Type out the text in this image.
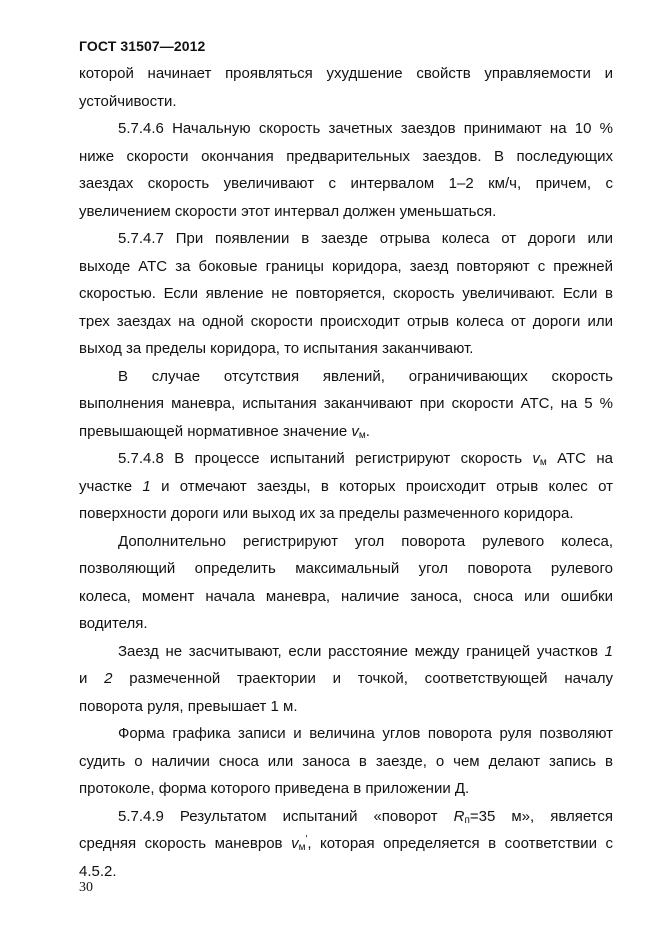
ГОСТ 31507—2012
которой начинает проявляться ухудшение свойств управляемости и
устойчивости.
5.7.4.6 Начальную скорость зачетных заездов принимают на 10 %
ниже скорости окончания предварительных заездов. В последующих
заездах скорость увеличивают с интервалом 1–2 км/ч, причем, с
увеличением скорости этот интервал должен уменьшаться.
5.7.4.7 При появлении в заезде отрыва колеса от дороги или
выходе АТС за боковые границы коридора, заезд повторяют с прежней
скоростью. Если явление не повторяется, скорость увеличивают. Если в
трех заездах на одной скорости происходит отрыв колеса от дороги или
выход за пределы коридора, то испытания заканчивают.
В случае отсутствия явлений, ограничивающих скорость
выполнения маневра, испытания заканчивают при скорости АТС, на 5 %
превышающей нормативное значение $v_м$.
5.7.4.8 В процессе испытаний регистрируют скорость $v_м$ АТС на
участке 1 и отмечают заезды, в которых происходит отрыв колес от
поверхности дороги или выход их за пределы размеченного коридора.
Дополнительно регистрируют угол поворота рулевого колеса,
позволяющий определить максимальный угол поворота рулевого
колеса, момент начала маневра, наличие заноса, сноса или ошибки
водителя.
Заезд не засчитывают, если расстояние между границей участков 1
и 2 размеченной траектории и точкой, соответствующей началу
поворота руля, превышает 1 м.
Форма графика записи и величина углов поворота руля позволяют
судить о наличии сноса или заноса в заезде, о чем делают запись в
протоколе, форма которого приведена в приложении Д.
5.7.4.9 Результатом испытаний «поворот $R_п=35$ м», является
средняя скорость маневров $v_м'$, которая определяется в соответствии с
4.5.2.
30
